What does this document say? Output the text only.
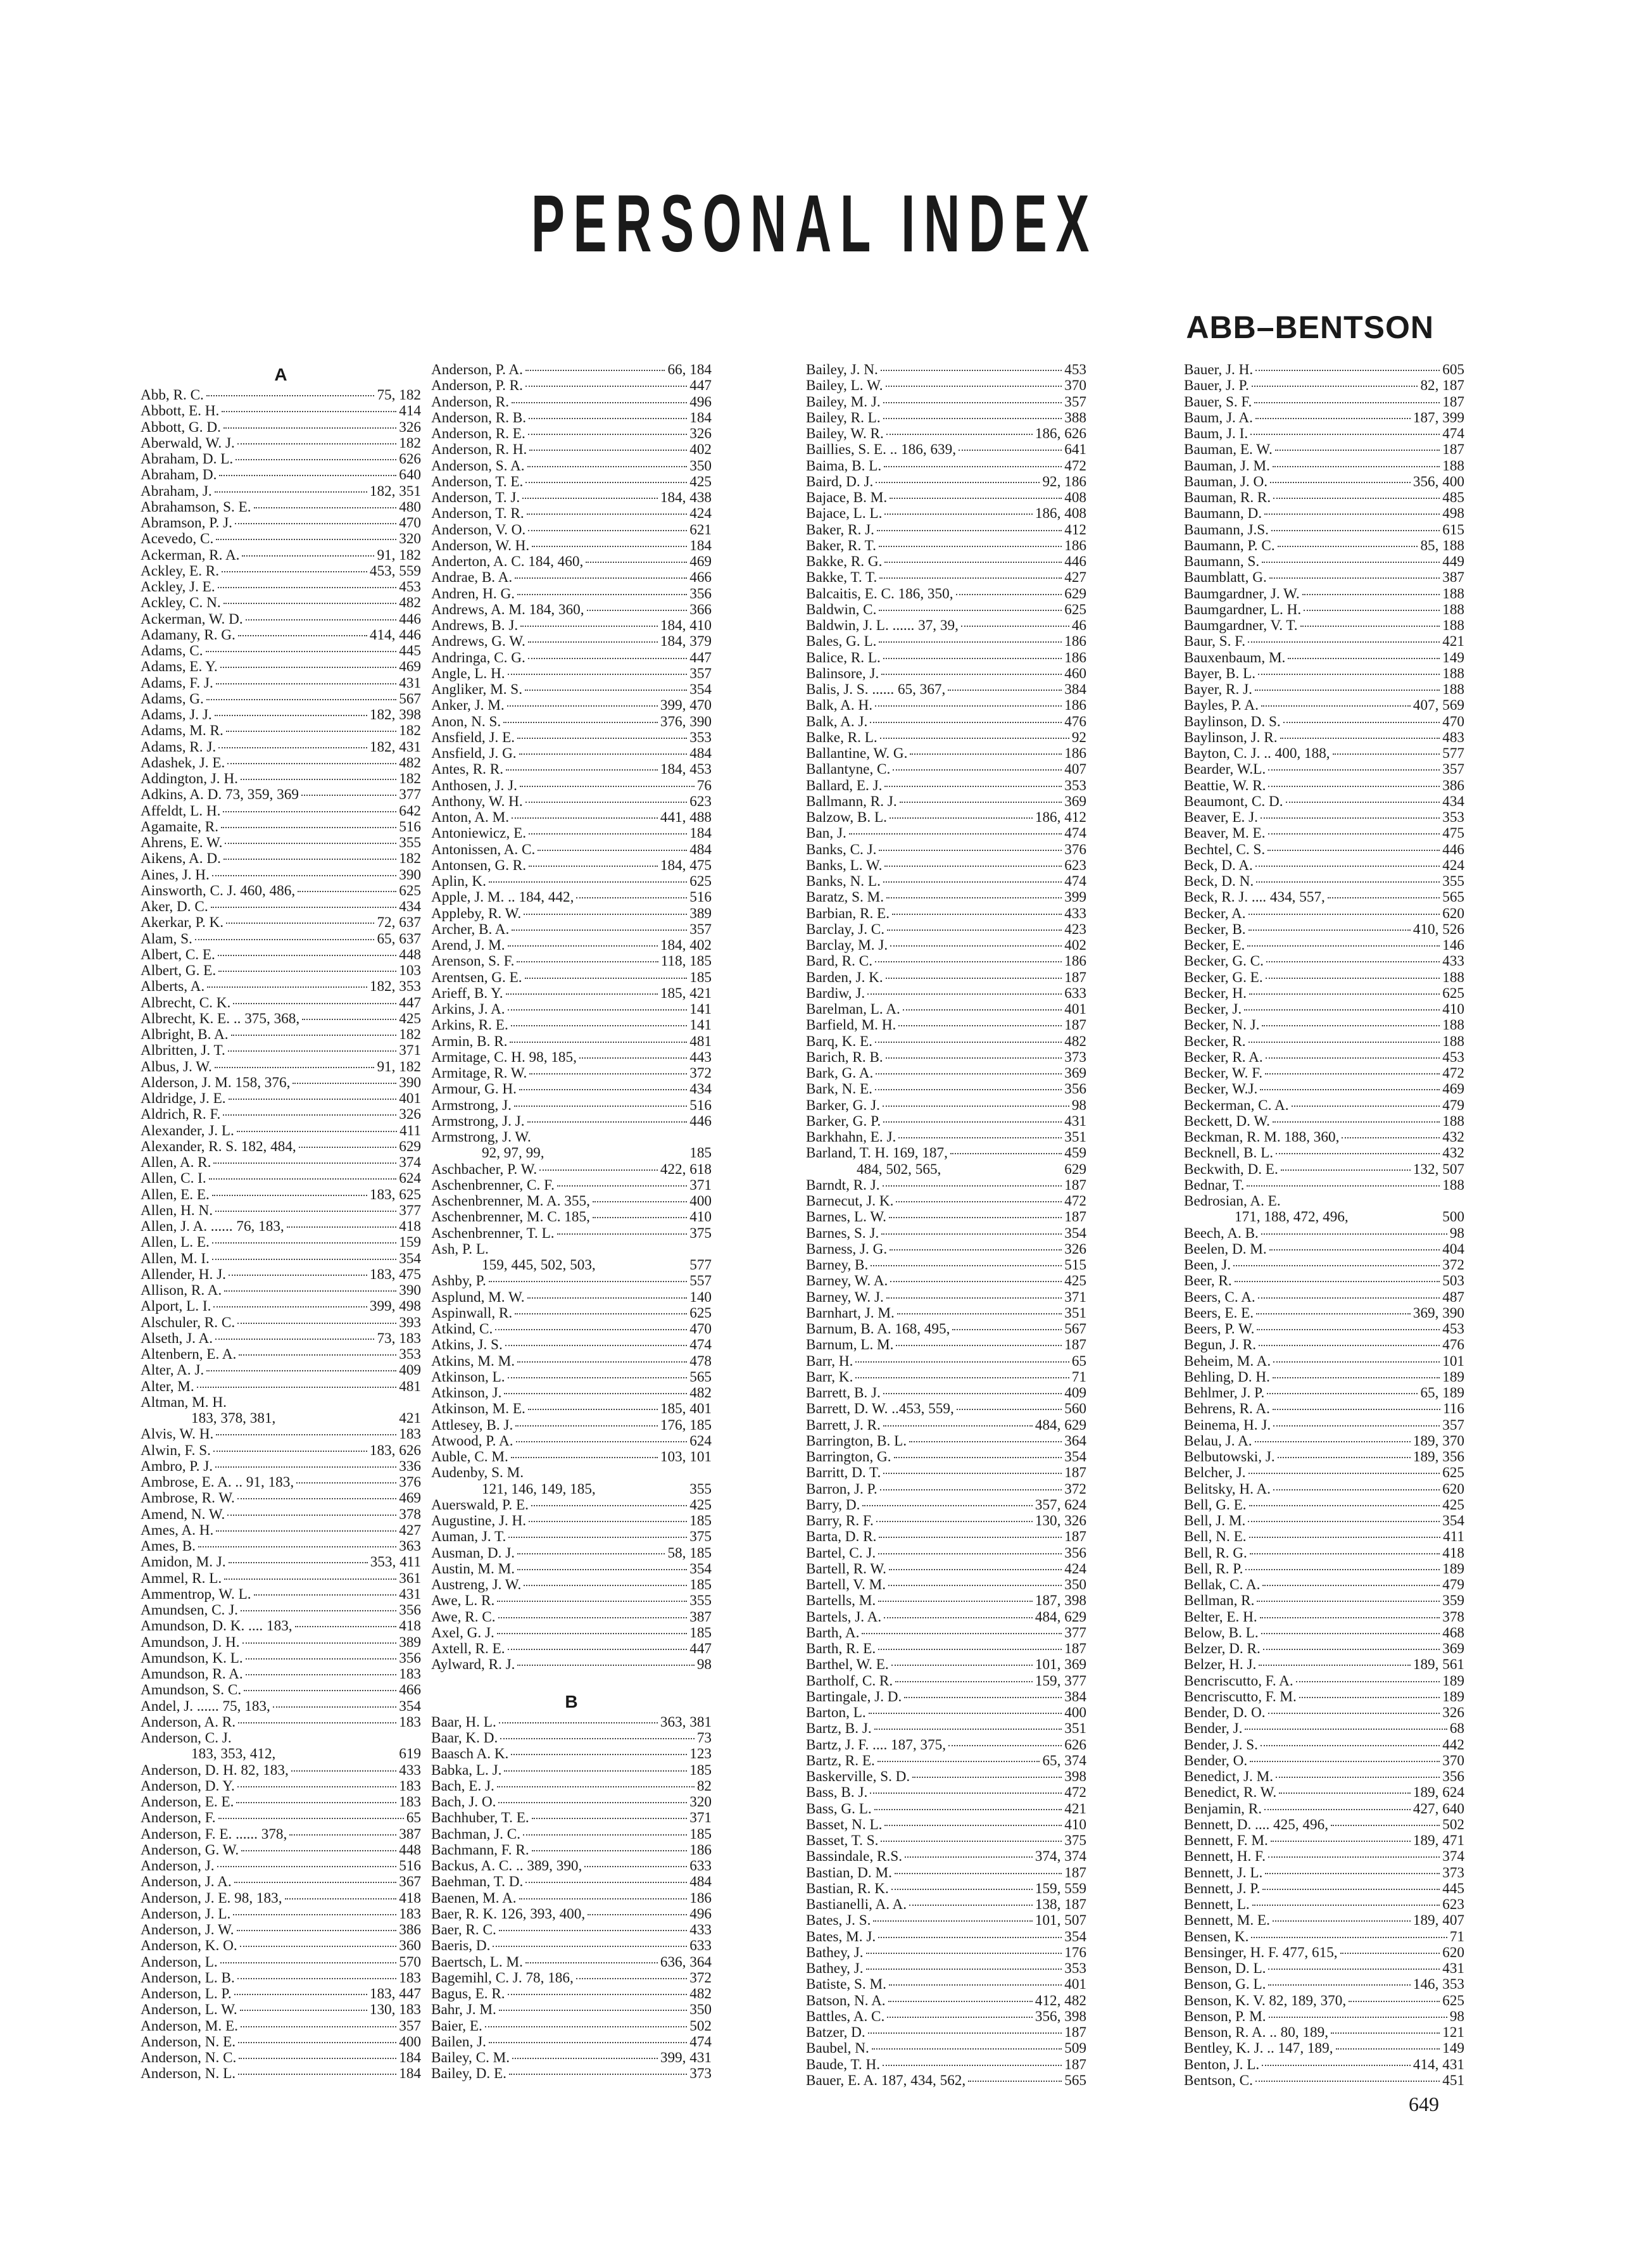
PERSONAL INDEX
ABB–BENTSON
A
Abb, R. C.	75, 182
Abbott, E. H.	414
Abbott, G. D.	326
Aberwald, W. J.	182
Abraham, D. L.	626
Abraham, D.	640
Abraham, J.	182, 351
Abrahamson, S. E.	480
Abramson, P. J.	470
Acevedo, C.	320
Ackerman, R. A.	91, 182
Ackley, E. R.	453, 559
Ackley, J. E.	453
Ackley, C. N.	482
Ackerman, W. D.	446
Adamany, R. G.	414, 446
Adams, C.	445
Adams, E. Y.	469
Adams, F. J.	431
Adams, G.	567
Adams, J. J.	182, 398
Adams, M. R.	182
Adams, R. J.	182, 431
Adashek, J. E.	482
Addington, J. H.	182
Adkins, A. D. 73, 359, 369	377
Affeldt, L. H.	642
Agamaite, R.	516
Ahrens, E. W.	355
Aikens, A. D.	182
Aines, J. H.	390
Ainsworth, C. J. 460, 486,	625
Aker, D. C.	434
Akerkar, P. K.	72, 637
Alam, S.	65, 637
Albert, C. E.	448
Albert, G. E.	103
Alberts, A.	182, 353
Albrecht, C. K.	447
Albrecht, K. E. .. 375, 368,	425
Albright, B. A.	182
Albritten, J. T.	371
Albus, J. W.	91, 182
Alderson, J. M. 158, 376,	390
Aldridge, J. E.	401
Aldrich, R. F.	326
Alexander, J. L.	411
Alexander, R. S. 182, 484,	629
Allen, A. R.	374
Allen, C. I.	624
Allen, E. E.	183, 625
Allen, H. N.	377
Allen, J. A. ...... 76, 183,	418
Allen, L. E.	159
Allen, M. I.	354
Allender, H. J.	183, 475
Allison, R. A.	390
Alport, L. I.	399, 498
Alschuler, R. C.	393
Alseth, J. A.	73, 183
Altenbern, E. A.	353
Alter, A. J.	409
Alter, M.	481
Altman, M. H.
183, 378, 381,	421
Alvis, W. H.	183
Alwin, F. S.	183, 626
Ambro, P. J.	336
Ambrose, E. A. .. 91, 183,	376
Ambrose, R. W.	469
Amend, N. W.	378
Ames, A. H.	427
Ames, B.	363
Amidon, M. J.	353, 411
Ammel, R. L.	361
Ammentrop, W. L.	431
Amundsen, C. J.	356
Amundson, D. K. .... 183,	418
Amundson, J. H.	389
Amundson, K. L.	356
Amundson, R. A.	183
Amundson, S. C.	466
Andel, J. ...... 75, 183,	354
Anderson, A. R.	183
Anderson, C. J.
183, 353, 412,	619
Anderson, D. H. 82, 183,	433
Anderson, D. Y.	183
Anderson, E. E.	183
Anderson, F.	65
Anderson, F. E. ...... 378,	387
Anderson, G. W.	448
Anderson, J.	516
Anderson, J. A.	367
Anderson, J. E. 98, 183,	418
Anderson, J. L.	183
Anderson, J. W.	386
Anderson, K. O.	360
Anderson, L.	570
Anderson, L. B.	183
Anderson, L. P.	183, 447
Anderson, L. W.	130, 183
Anderson, M. E.	357
Anderson, N. E.	400
Anderson, N. C.	184
Anderson, N. L.	184
Anderson, P. A.	66, 184
Anderson, P. R.	447
Anderson, R.	496
Anderson, R. B.	184
Anderson, R. E.	326
Anderson, R. H.	402
Anderson, S. A.	350
Anderson, T. E.	425
Anderson, T. J.	184, 438
Anderson, T. R.	424
Anderson, V. O.	621
Anderson, W. H.	184
Anderton, A. C. 184, 460,	469
Andrae, B. A.	466
Andren, H. G.	356
Andrews, A. M. 184, 360,	366
Andrews, B. J.	184, 410
Andrews, G. W.	184, 379
Andringa, C. G.	447
Angle, L. H.	357
Angliker, M. S.	354
Anker, J. M.	399, 470
Anon, N. S.	376, 390
Ansfield, J. E.	353
Ansfield, J. G.	484
Antes, R. R.	184, 453
Anthosen, J. J.	76
Anthony, W. H.	623
Anton, A. M.	441, 488
Antoniewicz, E.	184
Antonissen, A. C.	484
Antonsen, G. R.	184, 475
Aplin, K.	625
Apple, J. M. .. 184, 442,	516
Appleby, R. W.	389
Archer, B. A.	357
Arend, J. M.	184, 402
Arenson, S. F.	118, 185
Arentsen, G. E.	185
Arieff, B. Y.	185, 421
Arkins, J. A.	141
Arkins, R. E.	141
Armin, B. R.	481
Armitage, C. H. 98, 185,	443
Armitage, R. W.	372
Armour, G. H.	434
Armstrong, J.	516
Armstrong, J. J.	446
Armstrong, J. W.
92, 97, 99,	185
Aschbacher, P. W.	422, 618
Aschenbrenner, C. F.	371
Aschenbrenner, M. A. 355,	400
Aschenbrenner, M. C. 185,	410
Aschenbrenner, T. L.	375
Ash, P. L.
159, 445, 502, 503,	577
Ashby, P.	557
Asplund, M. W.	140
Aspinwall, R.	625
Atkind, C.	470
Atkins, J. S.	474
Atkins, M. M.	478
Atkinson, L.	565
Atkinson, J.	482
Atkinson, M. E.	185, 401
Attlesey, B. J.	176, 185
Atwood, P. A.	624
Auble, C. M.	103, 101
Audenby, S. M.
121, 146, 149, 185,	355
Auerswald, P. E.	425
Augustine, J. H.	185
Auman, J. T.	375
Ausman, D. J.	58, 185
Austin, M. M.	354
Austreng, J. W.	185
Awe, L. R.	355
Awe, R. C.	387
Axel, G. J.	185
Axtell, R. E.	447
Aylward, R. J.	98
B
Baar, H. L.	363, 381
Baar, K. D.	73
Baasch A. K.	123
Babka, L. J.	185
Bach, E. J.	82
Bach, J. O.	320
Bachhuber, T. E.	371
Bachman, J. C.	185
Bachmann, F. R.	186
Backus, A. C. .. 389, 390,	633
Baehman, T. D.	484
Baenen, M. A.	186
Baer, R. K. 126, 393, 400,	496
Baer, R. C.	433
Baeris, D.	633
Baertsch, L. M.	636, 364
Bagemihl, C. J. 78, 186,	372
Bagus, E. R.	482
Bahr, J. M.	350
Baier, E.	502
Bailen, J.	474
Bailey, C. M.	399, 431
Bailey, D. E.	373
Bailey, J. N.	453
Bailey, L. W.	370
Bailey, M. J.	357
Bailey, R. L.	388
Bailey, W. R.	186, 626
Baillies, S. E. .. 186, 639,	641
Baima, B. L.	472
Baird, D. J.	92, 186
Bajace, B. M.	408
Bajace, L. L.	186, 408
Baker, R. J.	412
Baker, R. T.	186
Bakke, R. G.	446
Bakke, T. T.	427
Balcaitis, E. C. 186, 350,	629
Baldwin, C.	625
Baldwin, J. L. ...... 37, 39,	46
Bales, G. L.	186
Balice, R. L.	186
Balinsore, J.	460
Balis, J. S. ...... 65, 367,	384
Balk, A. H.	186
Balk, A. J.	476
Balke, R. L.	92
Ballantine, W. G.	186
Ballantyne, C.	407
Ballard, E. J.	353
Ballmann, R. J.	369
Balzow, B. L.	186, 412
Ban, J.	474
Banks, C. J.	376
Banks, L. W.	623
Banks, N. L.	474
Baratz, S. M.	399
Barbian, R. E.	433
Barclay, J. C.	423
Barclay, M. J.	402
Bard, R. C.	186
Barden, J. K.	187
Bardiw, J.	633
Barelman, L. A.	401
Barfield, M. H.	187
Barq, K. E.	482
Barich, R. B.	373
Bark, G. A.	369
Bark, N. E.	356
Barker, G. J.	98
Barker, G. P.	431
Barkhahn, E. J.	351
Barland, T. H. 169, 187,	459
484, 502, 565,	629
Barndt, R. J.	187
Barnecut, J. K.	472
Barnes, L. W.	187
Barnes, S. J.	354
Barness, J. G.	326
Barney, B.	515
Barney, W. A.	425
Barney, W. J.	371
Barnhart, J. M.	351
Barnum, B. A. 168, 495,	567
Barnum, L. M.	187
Barr, H.	65
Barr, K.	71
Barrett, B. J.	409
Barrett, D. W. ..453, 559,	560
Barrett, J. R.	484, 629
Barrington, B. L.	364
Barrington, G.	354
Barritt, D. T.	187
Barron, J. P.	372
Barry, D.	357, 624
Barry, R. F.	130, 326
Barta, D. R.	187
Bartel, C. J.	356
Bartell, R. W.	424
Bartell, V. M.	350
Bartells, M.	187, 398
Bartels, J. A.	484, 629
Barth, A.	377
Barth, R. E.	187
Barthel, W. E.	101, 369
Bartholf, C. R.	159, 377
Bartingale, J. D.	384
Barton, L.	400
Bartz, B. J.	351
Bartz, J. F. .... 187, 375,	626
Bartz, R. E.	65, 374
Baskerville, S. D.	398
Bass, B. J.	472
Bass, G. L.	421
Basset, N. L.	410
Basset, T. S.	375
Bassindale, R.S.	374, 374
Bastian, D. M.	187
Bastian, R. K.	159, 559
Bastianelli, A. A.	138, 187
Bates, J. S.	101, 507
Bates, M. J.	354
Bathey, J.	176
Bathey, J.	353
Batiste, S. M.	401
Batson, N. A.	412, 482
Battles, A. C.	356, 398
Batzer, D.	187
Baubel, N.	509
Baude, T. H.	187
Bauer, E. A. 187, 434, 562,	565
Bauer, J. H.	605
Bauer, J. P.	82, 187
Bauer, S. F.	187
Baum, J. A.	187, 399
Baum, J. I.	474
Bauman, E. W.	187
Bauman, J. M.	188
Bauman, J. O.	356, 400
Bauman, R. R.	485
Baumann, D.	498
Baumann, J.S.	615
Baumann, P. C.	85, 188
Baumann, S.	449
Baumblatt, G.	387
Baumgardner, J. W.	188
Baumgardner, L. H.	188
Baumgardner, V. T.	188
Baur, S. F.	421
Bauxenbaum, M.	149
Bayer, B. L.	188
Bayer, R. J.	188
Bayles, P. A.	407, 569
Baylinson, D. S.	470
Baylinson, J. R.	483
Bayton, C. J. .. 400, 188,	577
Bearder, W.L.	357
Beattie, W. R.	386
Beaumont, C. D.	434
Beaver, E. J.	353
Beaver, M. E.	475
Bechtel, C. S.	446
Beck, D. A.	424
Beck, D. N.	355
Beck, R. J. .... 434, 557,	565
Becker, A.	620
Becker, B.	410, 526
Becker, E.	146
Becker, G. C.	433
Becker, G. E.	188
Becker, H.	625
Becker, J.	410
Becker, N. J.	188
Becker, R.	188
Becker, R. A.	453
Becker, W. F.	472
Becker, W.J.	469
Beckerman, C. A.	479
Beckett, D. W.	188
Beckman, R. M. 188, 360,	432
Becknell, B. L.	432
Beckwith, D. E.	132, 507
Bednar, T.	188
Bedrosian, A. E.
171, 188, 472, 496,	500
Beech, A. B.	98
Beelen, D. M.	404
Been, J.	372
Beer, R.	503
Beers, C. A.	487
Beers, E. E.	369, 390
Beers, P. W.	453
Begun, J. R.	476
Beheim, M. A.	101
Behling, D. H.	189
Behlmer, J. P.	65, 189
Behrens, R. A.	116
Beinema, H. J.	357
Belau, J. A.	189, 370
Belbutowski, J.	189, 356
Belcher, J.	625
Belitsky, H. A.	620
Bell, G. E.	425
Bell, J. M.	354
Bell, N. E.	411
Bell, R. G.	418
Bell, R. P.	189
Bellak, C. A.	479
Bellman, R.	359
Belter, E. H.	378
Below, B. L.	468
Belzer, D. R.	369
Belzer, H. J.	189, 561
Bencriscutto, F. A.	189
Bencriscutto, F. M.	189
Bender, D. O.	326
Bender, J.	68
Bender, J. S.	442
Bender, O.	370
Benedict, J. M.	356
Benedict, R. W.	189, 624
Benjamin, R.	427, 640
Bennett, D. .... 425, 496,	502
Bennett, F. M.	189, 471
Bennett, H. F.	374
Bennett, J. L.	373
Bennett, J. P.	445
Bennett, L.	623
Bennett, M. E.	189, 407
Bensen, K.	71
Bensinger, H. F. 477, 615,	620
Benson, D. L.	431
Benson, G. L.	146, 353
Benson, K. V. 82, 189, 370,	625
Benson, P. M.	98
Benson, R. A. .. 80, 189,	121
Bentley, K. J. .. 147, 189,	149
Benton, J. L.	414, 431
Bentson, C.	451
649
